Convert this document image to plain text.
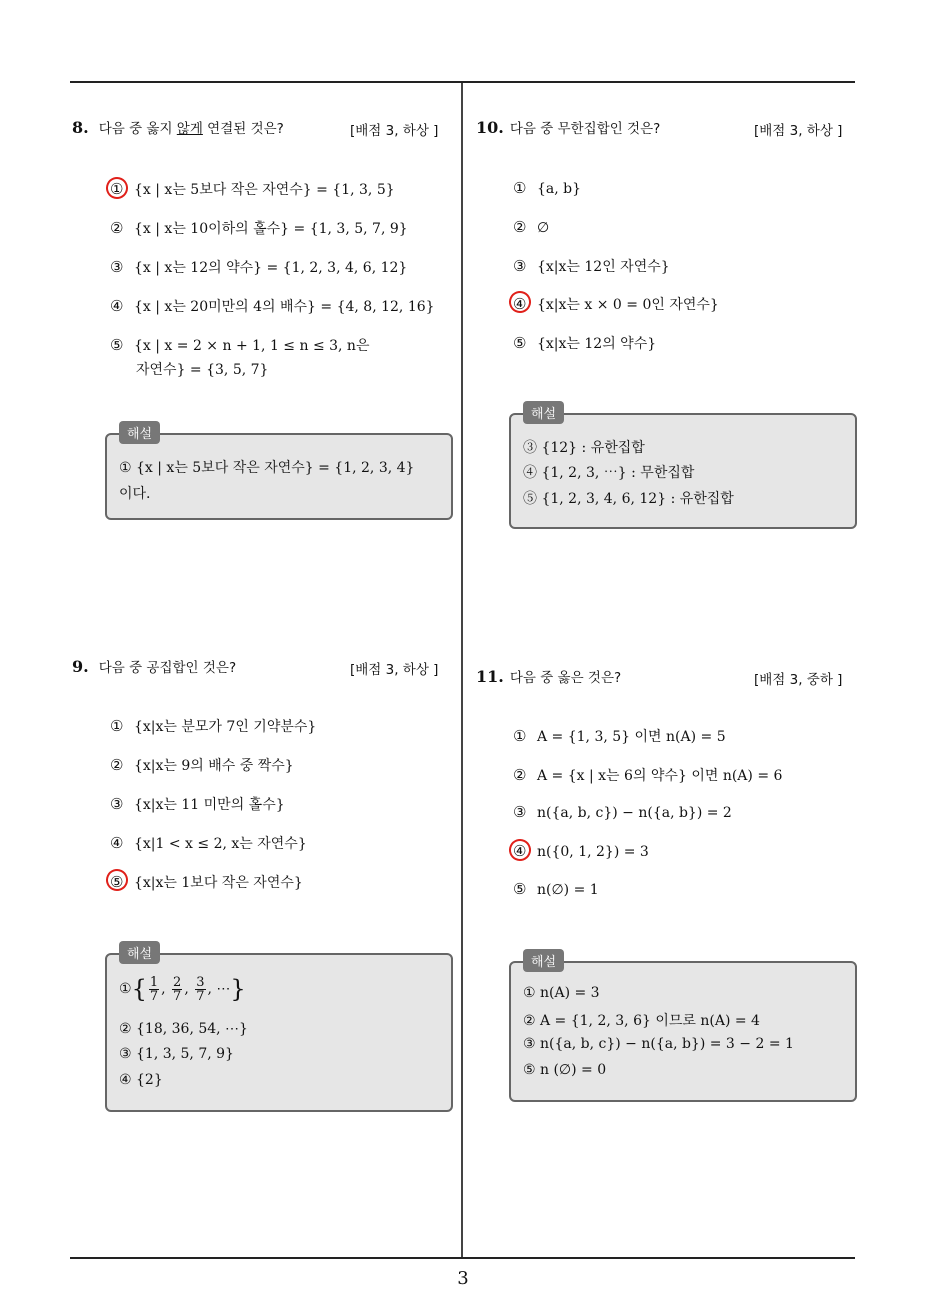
8. 다음 중 옳지 않게 연결된 것은?	[배점 3, 하상 ]
① {x | x는 5보다 작은 자연수} = {1, 3, 5}
② {x | x는 10이하의 홀수} = {1, 3, 5, 7, 9}
③ {x | x는 12의 약수} = {1, 2, 3, 4, 6, 12}
④ {x | x는 20미만의 4의 배수} = {4, 8, 12, 16}
⑤ {x | x = 2 × n + 1, 1 ≤ n ≤ 3, n은
자연수} = {3, 5, 7}
해설
① {x | x는 5보다 작은 자연수} = {1, 2, 3, 4}
이다.
9. 다음 중 공집합인 것은?	[배점 3, 하상 ]
① {x|x는 분모가 7인 기약분수}
② {x|x는 9의 배수 중 짝수}
③ {x|x는 11 미만의 홀수}
④ {x|1 < x ≤ 2, x는 자연수}
⑤ {x|x는 1보다 작은 자연수}
해설
①{ $\frac{1}{7}$ , $\frac{2}{7}$ , $\frac{3}{7}$ , ⋯}
② {18, 36, 54, ⋯}
③ {1, 3, 5, 7, 9}
④ {2}
10. 다음 중 무한집합인 것은?	[배점 3, 하상 ]
① {a, b}
② ∅
③ {x|x는 12인 자연수}
④ {x|x는 x × 0 = 0인 자연수}
⑤ {x|x는 12의 약수}
해설
③ {12} : 유한집합
④ {1, 2, 3, ⋯} : 무한집합
⑤ {1, 2, 3, 4, 6, 12} : 유한집합
11. 다음 중 옳은 것은?	[배점 3, 중하 ]
① A = {1, 3, 5} 이면 n(A) = 5
② A = {x | x는 6의 약수} 이면 n(A) = 6
③ n({a, b, c}) − n({a, b}) = 2
④ n({0, 1, 2}) = 3
⑤ n(∅) = 1
해설
① n(A) = 3
② A = {1, 2, 3, 6} 이므로 n(A) = 4
③ n({a, b, c}) − n({a, b}) = 3 − 2 = 1
⑤ n (∅) = 0
3
